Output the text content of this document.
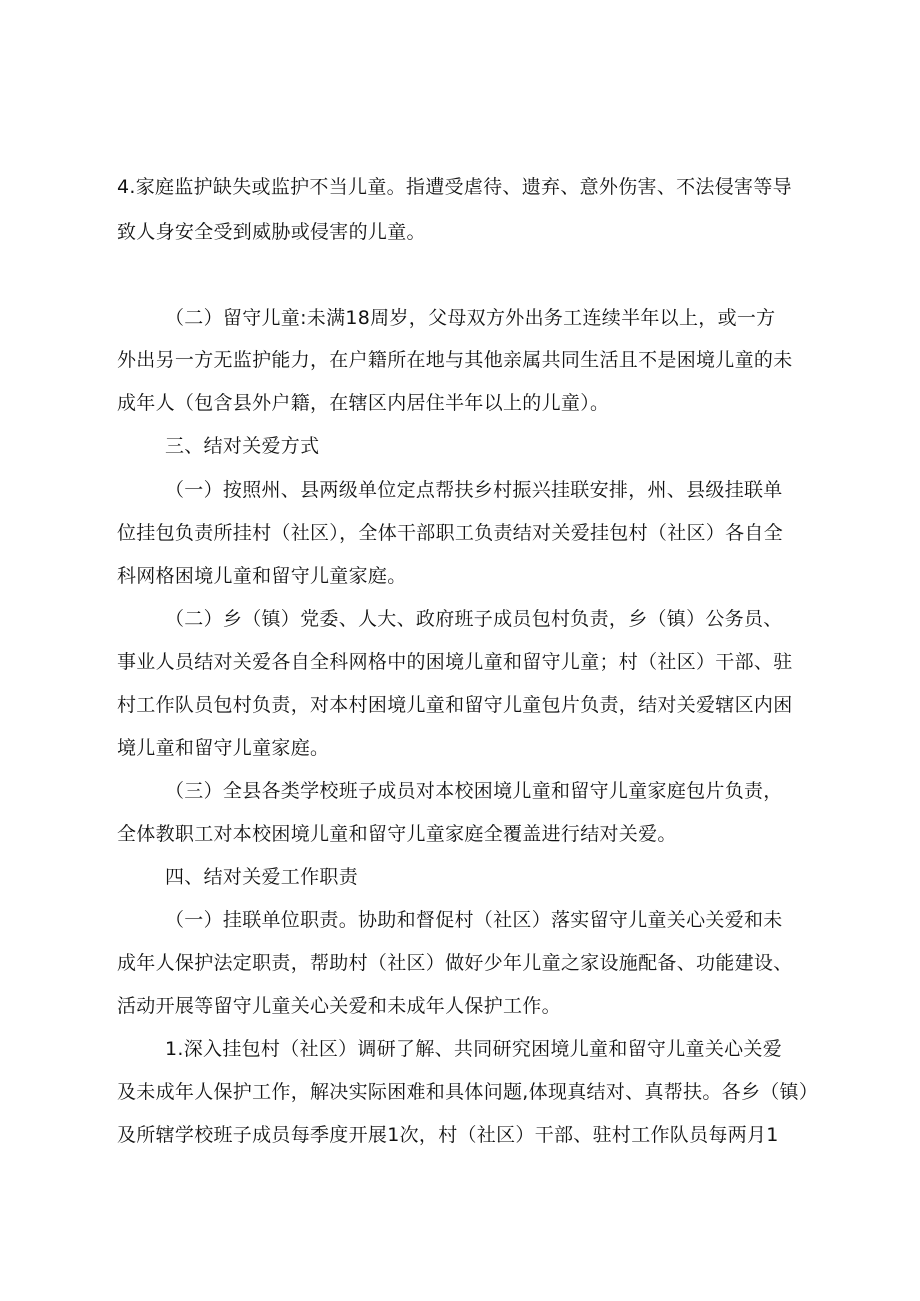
4.家庭监护缺失或监护不当儿童。指遭受虐待、遗弃、意外伤害、不法侵害等导
致人身安全受到威胁或侵害的儿童。
（二）留守儿童:未满18周岁，父母双方外出务工连续半年以上，或一方
外出另一方无监护能力，在户籍所在地与其他亲属共同生活且不是困境儿童的未
成年人（包含县外户籍，在辖区内居住半年以上的儿童）。
三、结对关爱方式
（一）按照州、县两级单位定点帮扶乡村振兴挂联安排，州、县级挂联单
位挂包负责所挂村（社区），全体干部职工负责结对关爱挂包村（社区）各自全
科网格困境儿童和留守儿童家庭。
（二）乡（镇）党委、人大、政府班子成员包村负责，乡（镇）公务员、
事业人员结对关爱各自全科网格中的困境儿童和留守儿童；村（社区）干部、驻
村工作队员包村负责，对本村困境儿童和留守儿童包片负责，结对关爱辖区内困
境儿童和留守儿童家庭。
（三）全县各类学校班子成员对本校困境儿童和留守儿童家庭包片负责，
全体教职工对本校困境儿童和留守儿童家庭全覆盖进行结对关爱。
四、结对关爱工作职责
（一）挂联单位职责。协助和督促村（社区）落实留守儿童关心关爱和未
成年人保护法定职责，帮助村（社区）做好少年儿童之家设施配备、功能建设、
活动开展等留守儿童关心关爱和未成年人保护工作。
1.深入挂包村（社区）调研了解、共同研究困境儿童和留守儿童关心关爱
及未成年人保护工作，解决实际困难和具体问题,体现真结对、真帮扶。各乡（镇）
及所辖学校班子成员每季度开展1次，村（社区）干部、驻村工作队员每两月1
